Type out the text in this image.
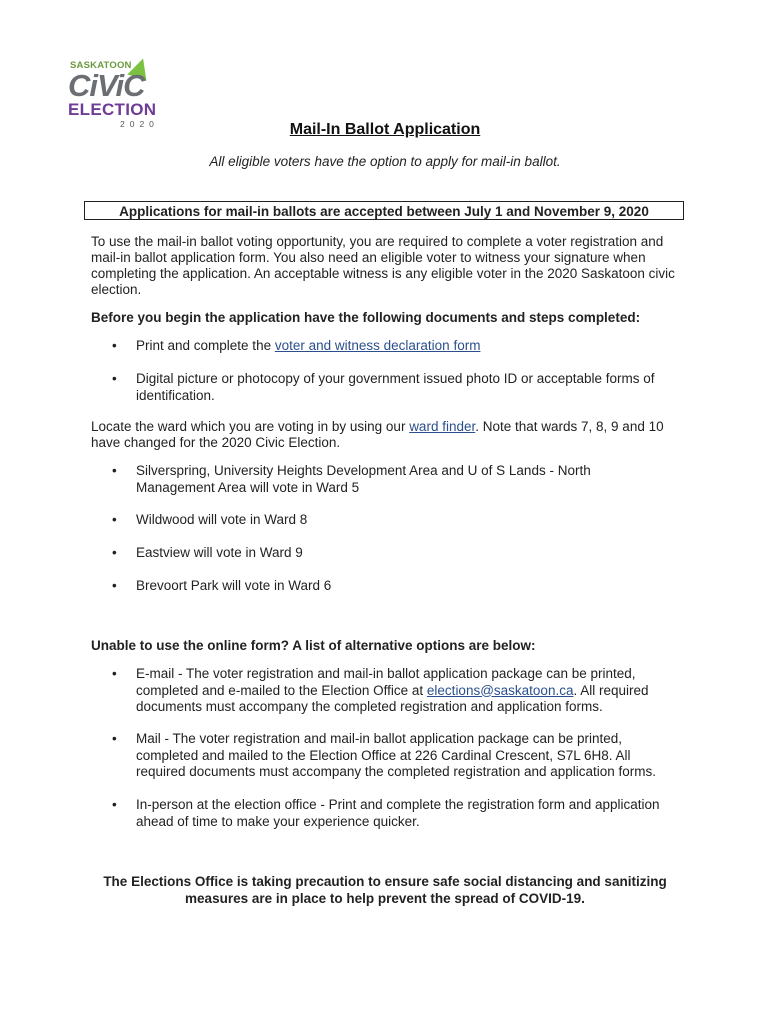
SASKATOON
CiViC
ELECTION
2020	Mail-In Ballot Application
All eligible voters have the option to apply for mail-in ballot.
Applications for mail-in ballots are accepted between July 1 and November 9, 2020
To use the mail-in ballot voting opportunity, you are required to complete a voter registration and mail-in ballot application form. You also need an eligible voter to witness your signature when completing the application. An acceptable witness is any eligible voter in the 2020 Saskatoon civic election.
Before you begin the application have the following documents and steps completed:
• Print and complete the voter and witness declaration form
• Digital picture or photocopy of your government issued photo ID or acceptable forms of identification.
Locate the ward which you are voting in by using our ward finder. Note that wards 7, 8, 9 and 10 have changed for the 2020 Civic Election.
• Silverspring, University Heights Development Area and U of S Lands - North Management Area will vote in Ward 5
• Wildwood will vote in Ward 8
• Eastview will vote in Ward 9
• Brevoort Park will vote in Ward 6
Unable to use the online form? A list of alternative options are below:
• E-mail - The voter registration and mail-in ballot application package can be printed, completed and e-mailed to the Election Office at elections@saskatoon.ca. All required documents must accompany the completed registration and application forms.
• Mail - The voter registration and mail-in ballot application package can be printed, completed and mailed to the Election Office at 226 Cardinal Crescent, S7L 6H8. All required documents must accompany the completed registration and application forms.
• In-person at the election office - Print and complete the registration form and application ahead of time to make your experience quicker.
The Elections Office is taking precaution to ensure safe social distancing and sanitizing measures are in place to help prevent the spread of COVID-19.
